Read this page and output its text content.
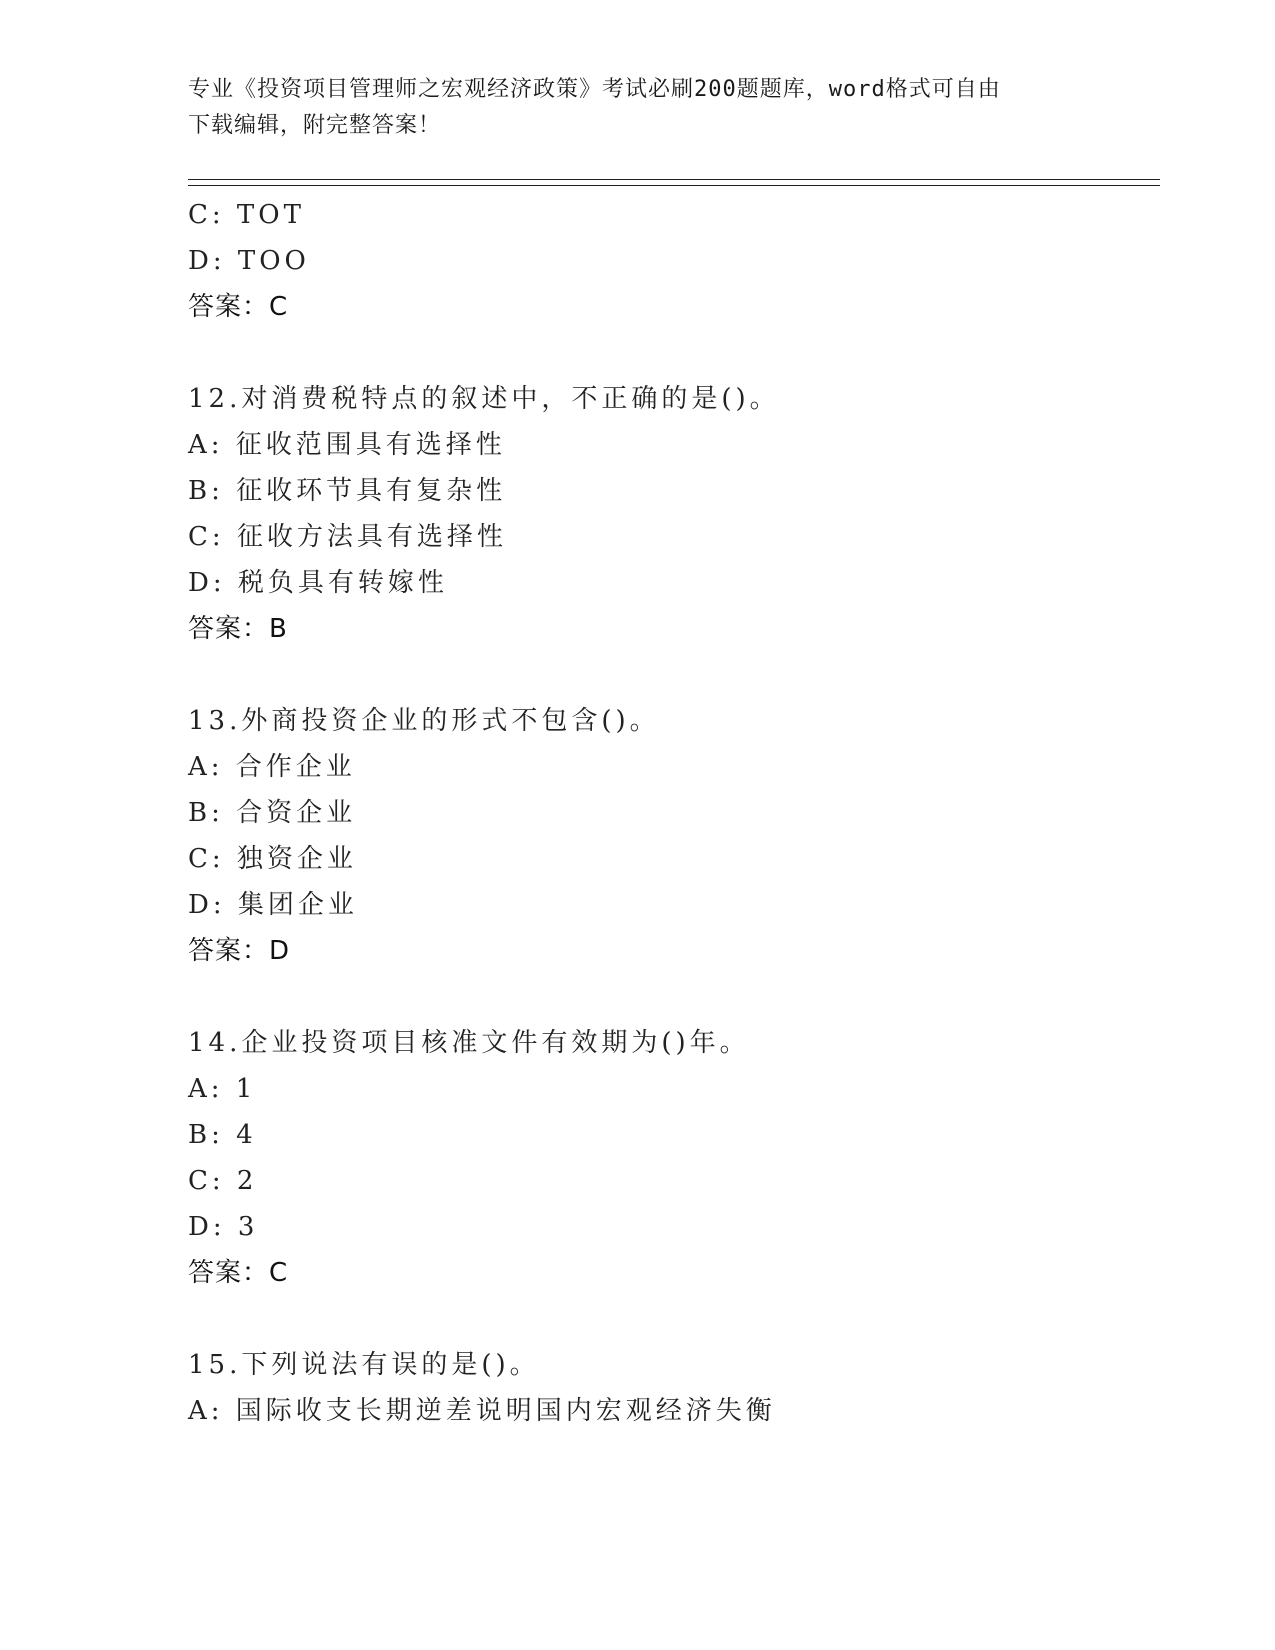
专业《投资项目管理师之宏观经济政策》考试必刷200题题库，word格式可自由
下载编辑，附完整答案！
C: TOT
D: TOO
答案：C
12.对消费税特点的叙述中，不正确的是()。
A: 征收范围具有选择性
B: 征收环节具有复杂性
C: 征收方法具有选择性
D: 税负具有转嫁性
答案：B
13.外商投资企业的形式不包含()。
A: 合作企业
B: 合资企业
C: 独资企业
D: 集团企业
答案：D
14.企业投资项目核准文件有效期为()年。
A: 1
B: 4
C: 2
D: 3
答案：C
15.下列说法有误的是()。
A: 国际收支长期逆差说明国内宏观经济失衡
